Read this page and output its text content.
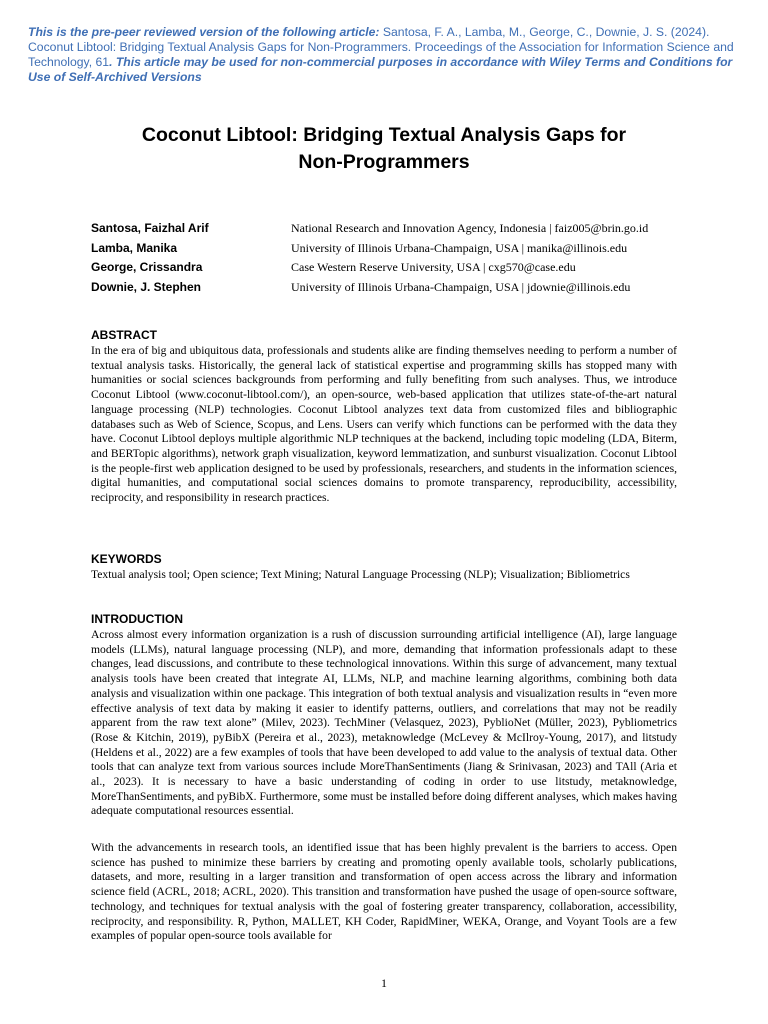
This is the pre-peer reviewed version of the following article: Santosa, F. A., Lamba, M., George, C., Downie, J. S. (2024). Coconut Libtool: Bridging Textual Analysis Gaps for Non-Programmers. Proceedings of the Association for Information Science and Technology, 61. This article may be used for non-commercial purposes in accordance with Wiley Terms and Conditions for Use of Self-Archived Versions
Coconut Libtool: Bridging Textual Analysis Gaps for
Non-Programmers
Santosa, Faizhal Arif	National Research and Innovation Agency, Indonesia | faiz005@brin.go.id
Lamba, Manika	University of Illinois Urbana-Champaign, USA | manika@illinois.edu
George, Crissandra	Case Western Reserve University, USA | cxg570@case.edu
Downie, J. Stephen	University of Illinois Urbana-Champaign, USA | jdownie@illinois.edu
ABSTRACT
In the era of big and ubiquitous data, professionals and students alike are finding themselves needing to perform a number of textual analysis tasks. Historically, the general lack of statistical expertise and programming skills has stopped many with humanities or social sciences backgrounds from performing and fully benefiting from such analyses. Thus, we introduce Coconut Libtool (www.coconut-libtool.com/), an open-source, web-based application that utilizes state-of-the-art natural language processing (NLP) technologies. Coconut Libtool analyzes text data from customized files and bibliographic databases such as Web of Science, Scopus, and Lens. Users can verify which functions can be performed with the data they have. Coconut Libtool deploys multiple algorithmic NLP techniques at the backend, including topic modeling (LDA, Biterm, and BERTopic algorithms), network graph visualization, keyword lemmatization, and sunburst visualization. Coconut Libtool is the people-first web application designed to be used by professionals, researchers, and students in the information sciences, digital humanities, and computational social sciences domains to promote transparency, reproducibility, accessibility, reciprocity, and responsibility in research practices.
KEYWORDS
Textual analysis tool; Open science; Text Mining; Natural Language Processing (NLP); Visualization; Bibliometrics
INTRODUCTION
Across almost every information organization is a rush of discussion surrounding artificial intelligence (AI), large language models (LLMs), natural language processing (NLP), and more, demanding that information professionals adapt to these changes, lead discussions, and contribute to these technological innovations. Within this surge of advancement, many textual analysis tools have been created that integrate AI, LLMs, NLP, and machine learning algorithms, combining both data analysis and visualization within one package. This integration of both textual analysis and visualization results in “even more effective analysis of text data by making it easier to identify patterns, outliers, and correlations that may not be readily apparent from the raw text alone” (Milev, 2023). TechMiner (Velasquez, 2023), PyblioNet (Müller, 2023), Pybliometrics (Rose & Kitchin, 2019), pyBibX (Pereira et al., 2023), metaknowledge (McLevey & McIlroy-Young, 2017), and litstudy (Heldens et al., 2022) are a few examples of tools that have been developed to add value to the analysis of textual data. Other tools that can analyze text from various sources include MoreThanSentiments (Jiang & Srinivasan, 2023) and TAll (Aria et al., 2023). It is necessary to have a basic understanding of coding in order to use litstudy, metaknowledge, MoreThanSentiments, and pyBibX. Furthermore, some must be installed before doing different analyses, which makes having adequate computational resources essential.
With the advancements in research tools, an identified issue that has been highly prevalent is the barriers to access. Open science has pushed to minimize these barriers by creating and promoting openly available tools, scholarly publications, datasets, and more, resulting in a larger transition and transformation of open access across the library and information science field (ACRL, 2018; ACRL, 2020). This transition and transformation have pushed the usage of open-source software, technology, and techniques for textual analysis with the goal of fostering greater transparency, collaboration, accessibility, reciprocity, and responsibility. R, Python, MALLET, KH Coder, RapidMiner, WEKA, Orange, and Voyant Tools are a few examples of popular open-source tools available for
1
